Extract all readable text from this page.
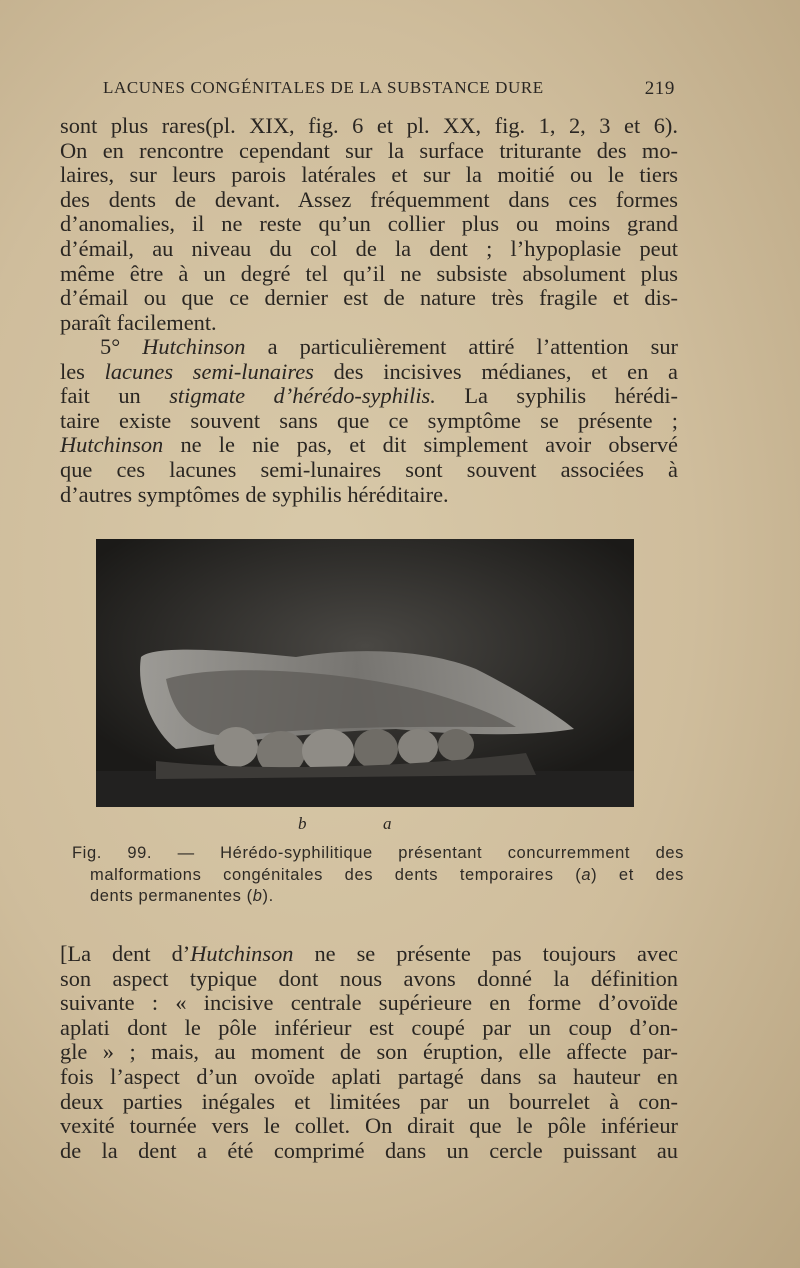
LACUNES CONGÉNITALES DE LA SUBSTANCE DURE	219
sont plus rares(pl. XIX, fig. 6 et pl. XX, fig. 1, 2, 3 et 6).
On en rencontre cependant sur la surface triturante des mo-
laires, sur leurs parois latérales et sur la moitié ou le tiers
des dents de devant. Assez fréquemment dans ces formes
d’anomalies, il ne reste qu’un collier plus ou moins grand
d’émail, au niveau du col de la dent ; l’hypoplasie peut
même être à un degré tel qu’il ne subsiste absolument plus
d’émail ou que ce dernier est de nature très fragile et dis-
paraît facilement.
5° Hutchinson a particulièrement attiré l’attention sur
les lacunes semi-lunaires des incisives médianes, et en a
fait un stigmate d’hérédo-syphilis. La syphilis hérédi-
taire existe souvent sans que ce symptôme se présente ;
Hutchinson ne le nie pas, et dit simplement avoir observé
que ces lacunes semi-lunaires sont souvent associées à
d’autres symptômes de syphilis héréditaire.
b	a
Fig. 99. — Hérédo-syphilitique présentant concurremment des
malformations congénitales des dents temporaires (a) et des
dents permanentes (b).
[La dent d’Hutchinson ne se présente pas toujours avec
son aspect typique dont nous avons donné la définition
suivante : « incisive centrale supérieure en forme d’ovoïde
aplati dont le pôle inférieur est coupé par un coup d’on-
gle » ; mais, au moment de son éruption, elle affecte par-
fois l’aspect d’un ovoïde aplati partagé dans sa hauteur en
deux parties inégales et limitées par un bourrelet à con-
vexité tournée vers le collet. On dirait que le pôle inférieur
de la dent a été comprimé dans un cercle puissant au
